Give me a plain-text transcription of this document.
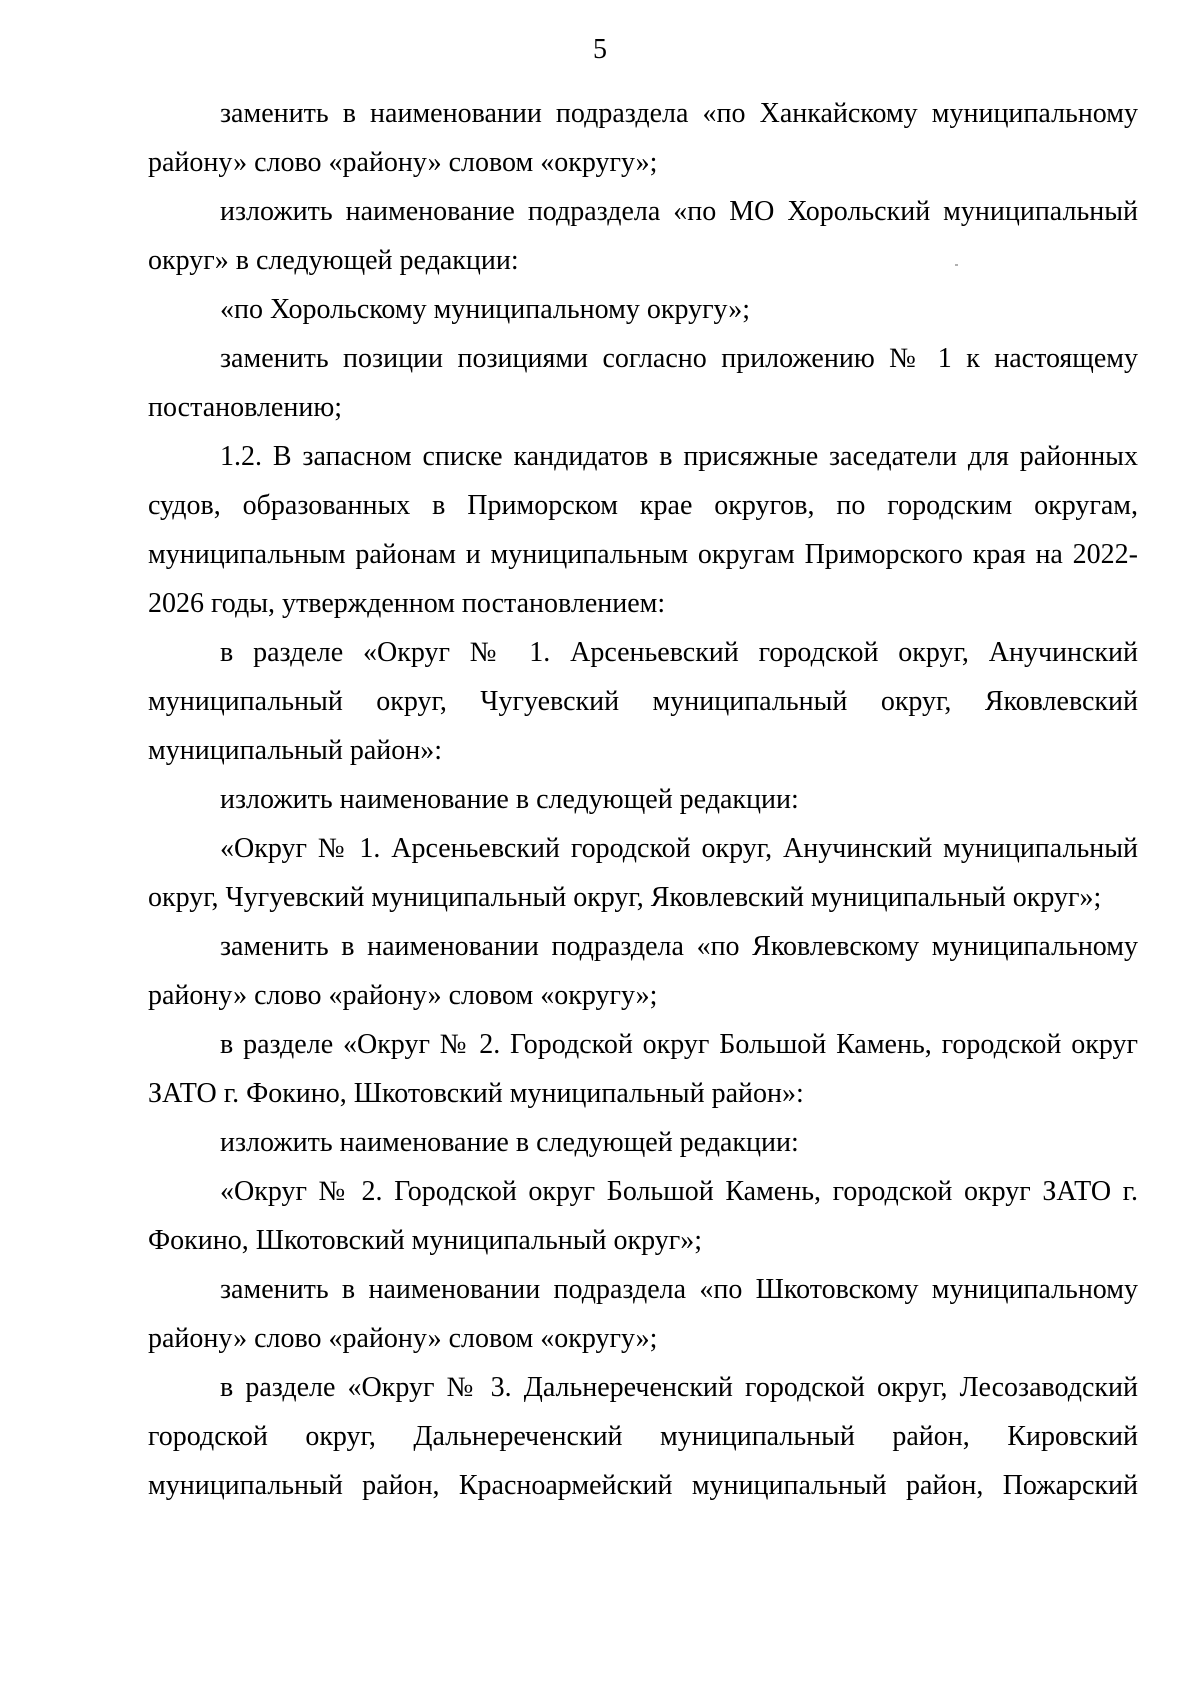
5

заменить в наименовании подраздела «по Ханкайскому муниципальному району» слово «району» словом «округу»;

изложить наименование подраздела «по МО Хорольский муниципальный округ» в следующей редакции:

«по Хорольскому муниципальному округу»;

заменить позиции позициями согласно приложению № 1 к настоящему постановлению;

1.2. В запасном списке кандидатов в присяжные заседатели для районных судов, образованных в Приморском крае округов, по городским округам, муниципальным районам и муниципальным округам Приморского края на 2022-2026 годы, утвержденном постановлением:

в разделе «Округ № 1. Арсеньевский городской округ, Анучинский муниципальный округ, Чугуевский муниципальный округ, Яковлевский муниципальный район»:

изложить наименование в следующей редакции:

«Округ № 1. Арсеньевский городской округ, Анучинский муниципальный округ, Чугуевский муниципальный округ, Яковлевский муниципальный округ»;

заменить в наименовании подраздела «по Яковлевскому муниципальному району» слово «району» словом «округу»;

в разделе «Округ № 2. Городской округ Большой Камень, городской округ ЗАТО г. Фокино, Шкотовский муниципальный район»:

изложить наименование в следующей редакции:

«Округ № 2. Городской округ Большой Камень, городской округ ЗАТО г. Фокино, Шкотовский муниципальный округ»;

заменить в наименовании подраздела «по Шкотовскому муниципальному району» слово «району» словом «округу»;

в разделе «Округ № 3. Дальнереченский городской округ, Лесозаводский городской округ, Дальнереченский муниципальный район, Кировский муниципальный район, Красноармейский муниципальный район, Пожарский
